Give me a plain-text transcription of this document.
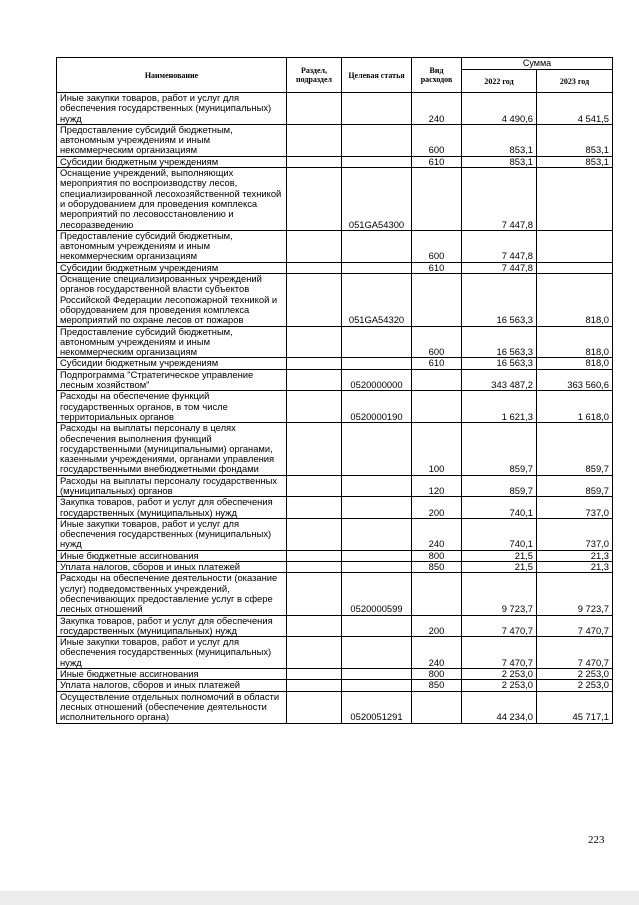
Наименование	Раздел, подраздел	Целевая статья	Вид расходов	Сумма	
				2022 год	2023 год
Иные закупки товаров, работ и услуг для обеспечения государственных (муниципальных) нужд			240	4 490,6	4 541,5
Предоставление субсидий бюджетным, автономным учреждениям и иным некоммерческим организациям			600	853,1	853,1
Субсидии бюджетным учреждениям			610	853,1	853,1
Оснащение учреждений, выполняющих мероприятия по воспроизводству лесов, специализированной лесохозяйственной техникой и оборудованием для проведения комплекса мероприятий по лесовосстановлению и лесоразведению		051GA54300		7 447,8	
Предоставление субсидий бюджетным, автономным учреждениям и иным некоммерческим организациям			600	7 447,8	
Субсидии бюджетным учреждениям			610	7 447,8	
Оснащение специализированных учреждений органов государственной власти субъектов Российской Федерации лесопожарной техникой и оборудованием для проведения комплекса мероприятий по охране лесов от пожаров		051GA54320		16 563,3	818,0
Предоставление субсидий бюджетным, автономным учреждениям и иным некоммерческим организациям			600	16 563,3	818,0
Субсидии бюджетным учреждениям			610	16 563,3	818,0
Подпрограмма "Стратегическое управление лесным хозяйством"		0520000000		343 487,2	363 560,6
Расходы на обеспечение функций государственных органов, в том числе территориальных органов		0520000190		1 621,3	1 618,0
Расходы на выплаты персоналу в целях обеспечения выполнения функций государственными (муниципальными) органами, казенными учреждениями, органами управления государственными внебюджетными фондами			100	859,7	859,7
Расходы на выплаты персоналу государственных (муниципальных) органов			120	859,7	859,7
Закупка товаров, работ и услуг для обеспечения государственных (муниципальных) нужд			200	740,1	737,0
Иные закупки товаров, работ и услуг для обеспечения государственных (муниципальных) нужд			240	740,1	737,0
Иные бюджетные ассигнования			800	21,5	21,3
Уплата налогов, сборов и иных платежей			850	21,5	21,3
Расходы на обеспечение деятельности (оказание услуг) подведомственных учреждений, обеспечивающих предоставление услуг в сфере лесных отношений		0520000599		9 723,7	9 723,7
Закупка товаров, работ и услуг для обеспечения государственных (муниципальных) нужд			200	7 470,7	7 470,7
Иные закупки товаров, работ и услуг для обеспечения государственных (муниципальных) нужд			240	7 470,7	7 470,7
Иные бюджетные ассигнования			800	2 253,0	2 253,0
Уплата налогов, сборов и иных платежей			850	2 253,0	2 253,0
Осуществление отдельных полномочий в области лесных отношений (обеспечение деятельности исполнительного органа)		0520051291		44 234,0	45 717,1
223
